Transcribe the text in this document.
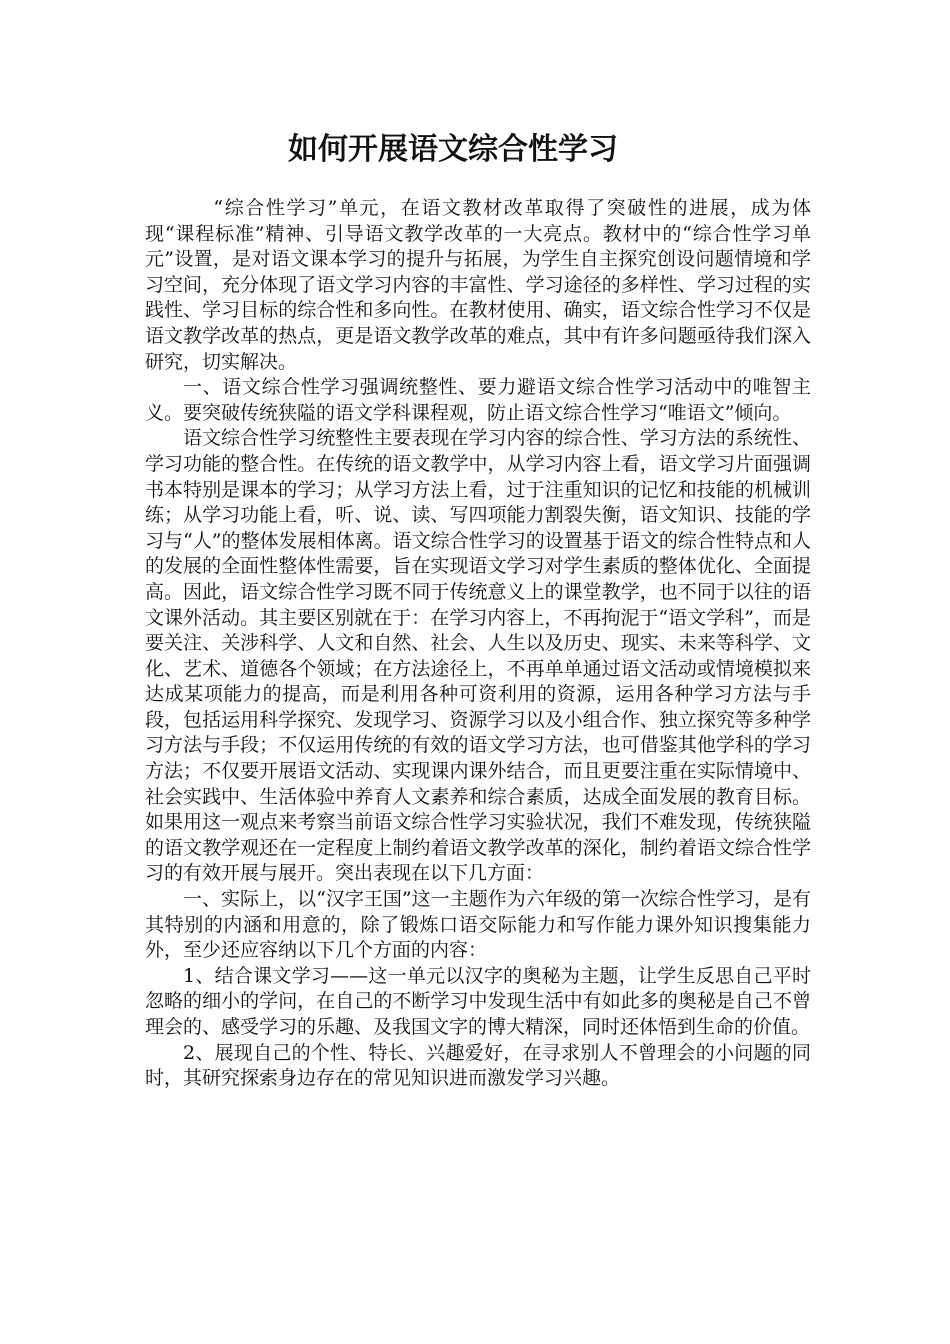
如何开展语文综合性学习

“综合性学习”单元，在语文教材改革取得了突破性的进展，成为体现“课程标准”精神、引导语文教学改革的一大亮点。教材中的“综合性学习单元”设置，是对语文课本学习的提升与拓展，为学生自主探究创设问题情境和学习空间，充分体现了语文学习内容的丰富性、学习途径的多样性、学习过程的实践性、学习目标的综合性和多向性。在教材使用、确实，语文综合性学习不仅是语文教学改革的热点，更是语文教学改革的难点，其中有许多问题亟待我们深入研究，切实解决。

一、语文综合性学习强调统整性、要力避语文综合性学习活动中的唯智主义。要突破传统狭隘的语文学科课程观，防止语文综合性学习“唯语文”倾向。

语文综合性学习统整性主要表现在学习内容的综合性、学习方法的系统性、学习功能的整合性。在传统的语文教学中，从学习内容上看，语文学习片面强调书本特别是课本的学习；从学习方法上看，过于注重知识的记忆和技能的机械训练；从学习功能上看，听、说、读、写四项能力割裂失衡，语文知识、技能的学习与“人”的整体发展相体离。语文综合性学习的设置基于语文的综合性特点和人的发展的全面性整体性需要，旨在实现语文学习对学生素质的整体优化、全面提高。因此，语文综合性学习既不同于传统意义上的课堂教学，也不同于以往的语文课外活动。其主要区别就在于：在学习内容上，不再拘泥于“语文学科”，而是要关注、关涉科学、人文和自然、社会、人生以及历史、现实、未来等科学、文化、艺术、道德各个领域；在方法途径上，不再单单通过语文活动或情境模拟来达成某项能力的提高，而是利用各种可资利用的资源，运用各种学习方法与手段，包括运用科学探究、发现学习、资源学习以及小组合作、独立探究等多种学习方法与手段；不仅运用传统的有效的语文学习方法，也可借鉴其他学科的学习方法；不仅要开展语文活动、实现课内课外结合，而且更要注重在实际情境中、社会实践中、生活体验中养育人文素养和综合素质，达成全面发展的教育目标。如果用这一观点来考察当前语文综合性学习实验状况，我们不难发现，传统狭隘的语文教学观还在一定程度上制约着语文教学改革的深化，制约着语文综合性学习的有效开展与展开。突出表现在以下几方面：

一、实际上，以“汉字王国”这一主题作为六年级的第一次综合性学习，是有其特别的内涵和用意的，除了锻炼口语交际能力和写作能力课外知识搜集能力外，至少还应容纳以下几个方面的内容：

1、结合课文学习——这一单元以汉字的奥秘为主题，让学生反思自己平时忽略的细小的学问，在自己的不断学习中发现生活中有如此多的奥秘是自己不曾理会的、感受学习的乐趣、及我国文字的博大精深，同时还体悟到生命的价值。

2、展现自己的个性、特长、兴趣爱好，在寻求别人不曾理会的小问题的同时，其研究探索身边存在的常见知识进而激发学习兴趣。
